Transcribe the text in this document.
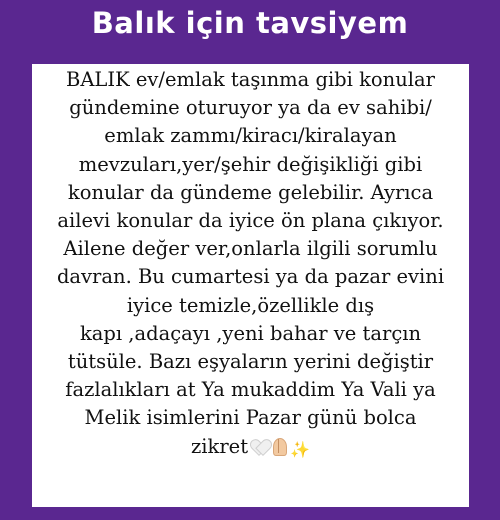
Balık için tavsiyem
BALIK ev/emlak taşınma gibi konular
gündemine oturuyor ya da ev sahibi/
emlak zammı/kiracı/kiralayan
mevzuları,yer/şehir değişikliği gibi
konular da gündeme gelebilir. Ayrıca
ailevi konular da iyice ön plana çıkıyor.
Ailene değer ver,onlarla ilgili sorumlu
davran. Bu cumartesi ya da pazar evini
iyice temizle,özellikle dış
kapı ,adaçayı ,yeni bahar ve tarçın
tütsüle. Bazı eşyaların yerini değiştir
fazlalıkları at Ya mukaddim Ya Vali ya
Melik isimlerini Pazar günü bolca
zikret	✨
